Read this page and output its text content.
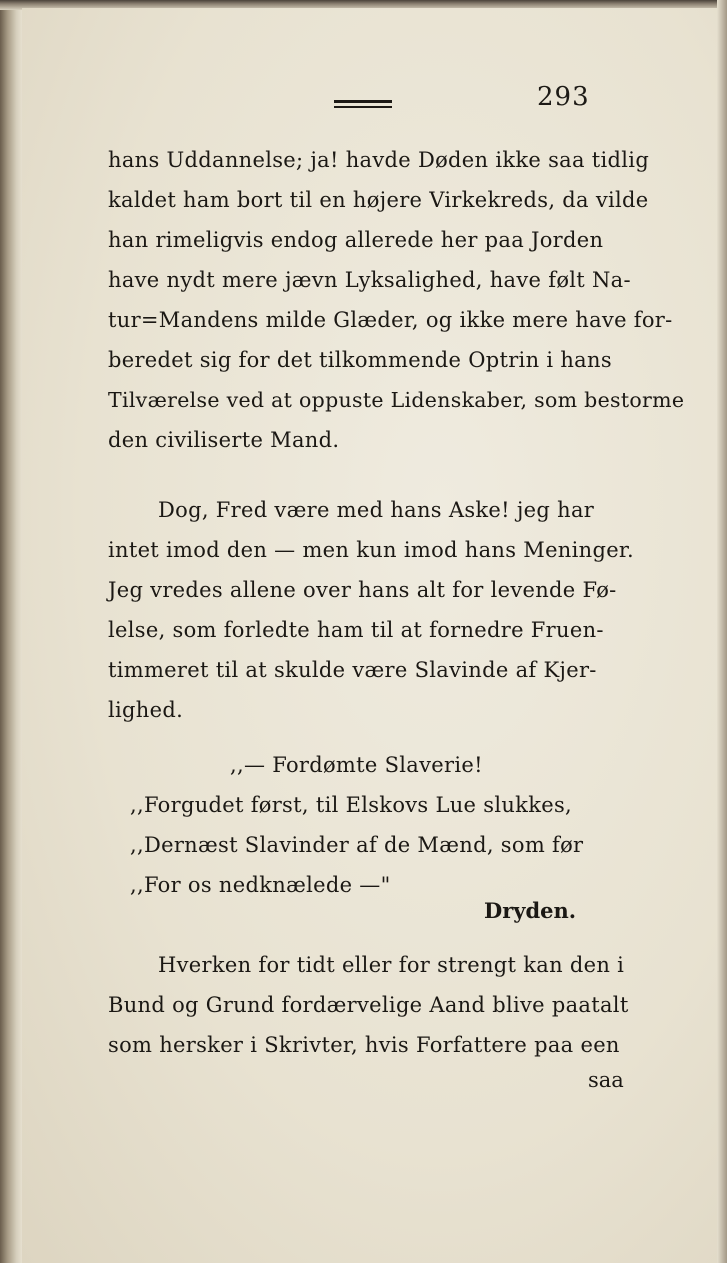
293
hans Uddannelse; ja! havde Døden ikke saa tidlig
kaldet ham bort til en højere Virkekreds, da vilde
han rimeligvis endog allerede her paa Jorden
have nydt mere jævn Lyksalighed, have følt Na-
tur=Mandens milde Glæder, og ikke mere have for-
beredet sig for det tilkommende Optrin i hans
Tilværelse ved at oppuste Lidenskaber, som bestorme
den civiliserte Mand.
Dog, Fred være med hans Aske! jeg har
intet imod den — men kun imod hans Meninger.
Jeg vredes allene over hans alt for levende Fø-
lelse, som forledte ham til at fornedre Fruen-
timmeret til at skulde være Slavinde af Kjer-
lighed.
,,— Fordømte Slaverie!
,,Forgudet først, til Elskovs Lue slukkes,
,,Dernæst Slavinder af de Mænd, som før
,,For os nedknælede —"
Dryden.
Hverken for tidt eller for strengt kan den i
Bund og Grund fordærvelige Aand blive paatalt
som hersker i Skrivter, hvis Forfattere paa een
saa
